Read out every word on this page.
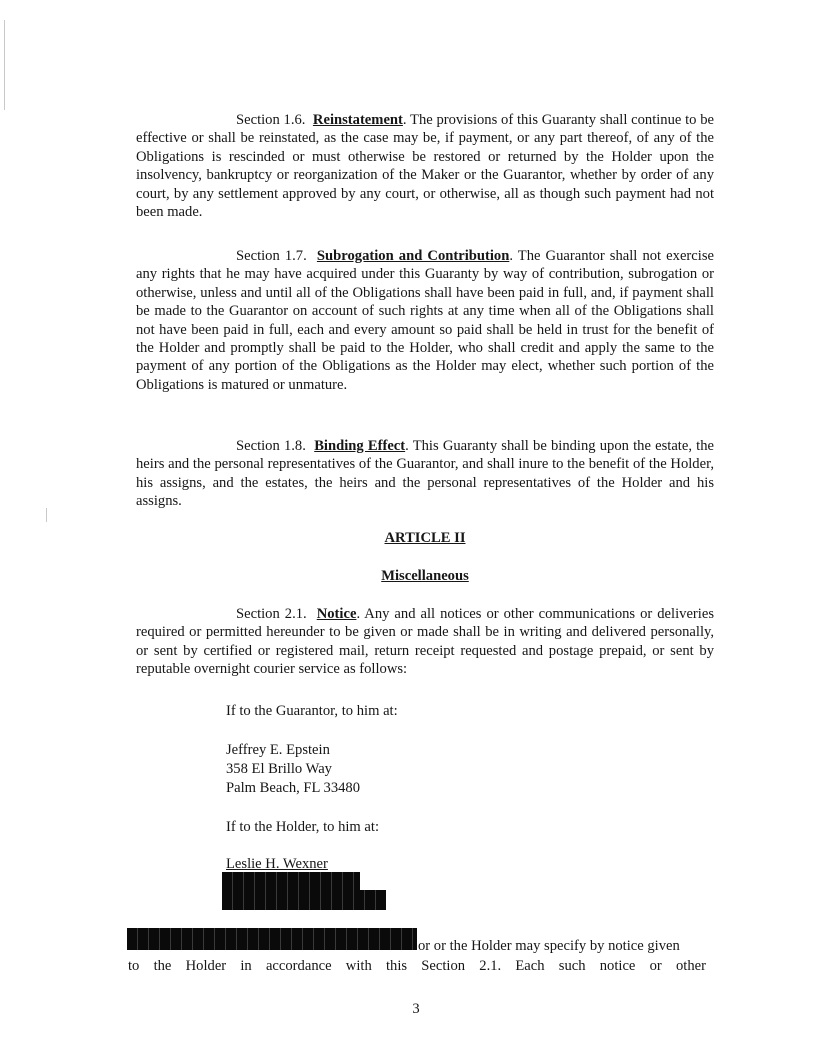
Section 1.6. Reinstatement. The provisions of this Guaranty shall continue to be effective or shall be reinstated, as the case may be, if payment, or any part thereof, of any of the Obligations is rescinded or must otherwise be restored or returned by the Holder upon the insolvency, bankruptcy or reorganization of the Maker or the Guarantor, whether by order of any court, by any settlement approved by any court, or otherwise, all as though such payment had not been made.

Section 1.7. Subrogation and Contribution. The Guarantor shall not exercise any rights that he may have acquired under this Guaranty by way of contribution, subrogation or otherwise, unless and until all of the Obligations shall have been paid in full, and, if payment shall be made to the Guarantor on account of such rights at any time when all of the Obligations shall not have been paid in full, each and every amount so paid shall be held in trust for the benefit of the Holder and promptly shall be paid to the Holder, who shall credit and apply the same to the payment of any portion of the Obligations as the Holder may elect, whether such portion of the Obligations is matured or unmature.

Section 1.8. Binding Effect. This Guaranty shall be binding upon the estate, the heirs and the personal representatives of the Guarantor, and shall inure to the benefit of the Holder, his assigns, and the estates, the heirs and the personal representatives of the Holder and his assigns.

ARTICLE II

Miscellaneous

Section 2.1. Notice. Any and all notices or other communications or deliveries required or permitted hereunder to be given or made shall be in writing and delivered personally, or sent by certified or registered mail, return receipt requested and postage prepaid, or sent by reputable overnight courier service as follows:

If to the Guarantor, to him at:

Jeffrey E. Epstein

358 El Brillo Way

Palm Beach, FL 33480

If to the Holder, to him at:

Leslie H. Wexner

or or the Holder may specify by notice given

to the Holder in accordance with this Section 2.1. Each such notice or other

3
